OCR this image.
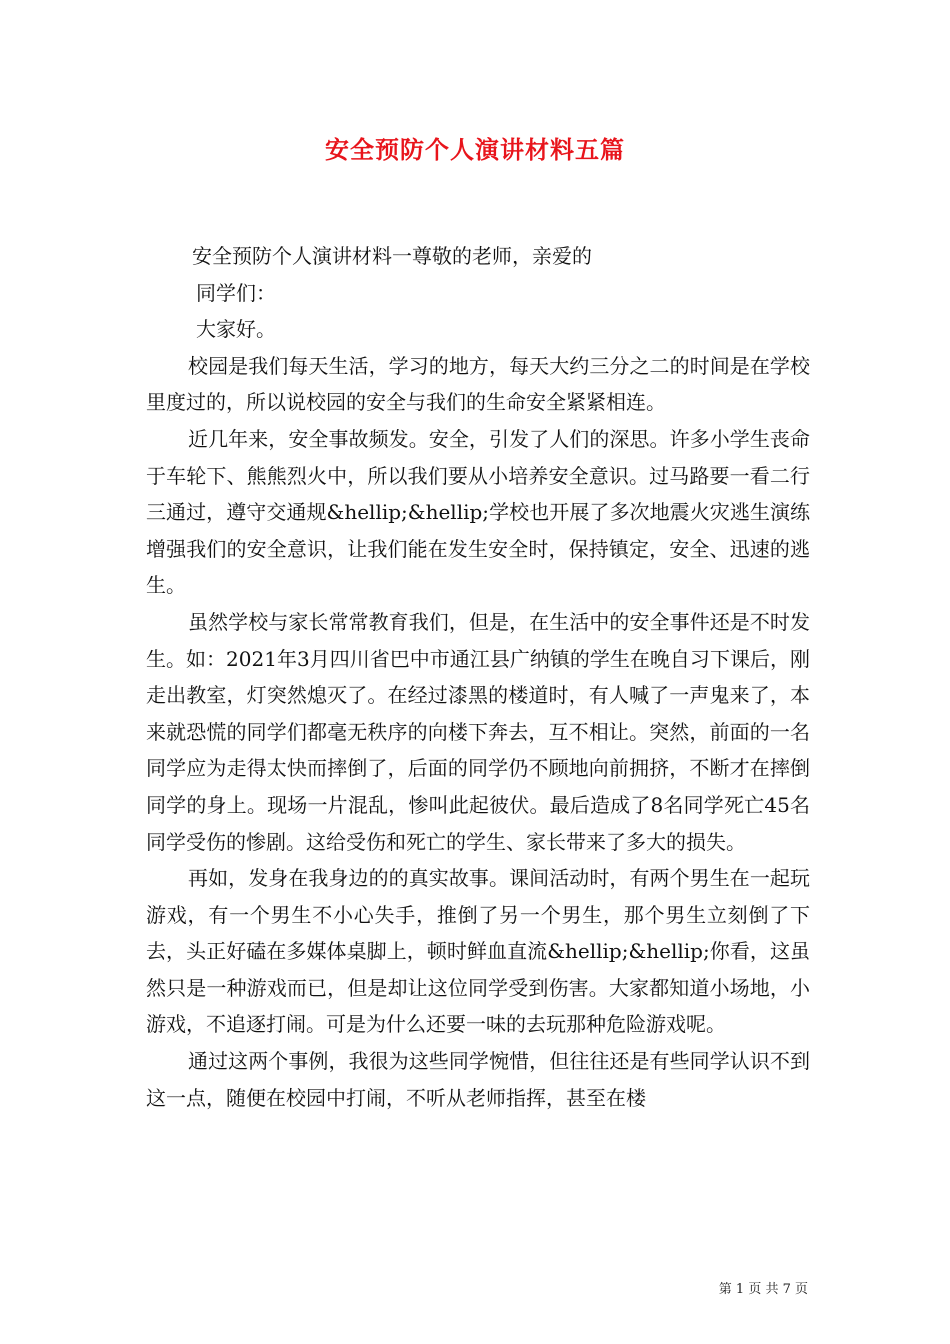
安全预防个人演讲材料五篇

安全预防个人演讲材料一尊敬的老师，亲爱的

同学们：

大家好。

校园是我们每天生活，学习的地方，每天大约三分之二的时间是在学校里度过的，所以说校园的安全与我们的生命安全紧紧相连。

近几年来，安全事故频发。安全，引发了人们的深思。许多小学生丧命于车轮下、熊熊烈火中，所以我们要从小培养安全意识。过马路要一看二行三通过，遵守交通规&hellip;&hellip;学校也开展了多次地震火灾逃生演练增强我们的安全意识，让我们能在发生安全时，保持镇定，安全、迅速的逃生。

虽然学校与家长常常教育我们，但是，在生活中的安全事件还是不时发生。如：2021年3月四川省巴中市通江县广纳镇的学生在晚自习下课后，刚走出教室，灯突然熄灭了。在经过漆黑的楼道时，有人喊了一声鬼来了，本来就恐慌的同学们都毫无秩序的向楼下奔去，互不相让。突然，前面的一名同学应为走得太快而摔倒了，后面的同学仍不顾地向前拥挤，不断才在摔倒同学的身上。现场一片混乱，惨叫此起彼伏。最后造成了8名同学死亡45名同学受伤的惨剧。这给受伤和死亡的学生、家长带来了多大的损失。

再如，发身在我身边的的真实故事。课间活动时，有两个男生在一起玩游戏，有一个男生不小心失手，推倒了另一个男生，那个男生立刻倒了下去，头正好磕在多媒体桌脚上，顿时鲜血直流&hellip;&hellip;你看，这虽然只是一种游戏而已，但是却让这位同学受到伤害。大家都知道小场地，小游戏，不追逐打闹。可是为什么还要一味的去玩那种危险游戏呢。

通过这两个事例，我很为这些同学惋惜，但往往还是有些同学认识不到这一点，随便在校园中打闹，不听从老师指挥，甚至在楼

第 1 页 共 7 页
